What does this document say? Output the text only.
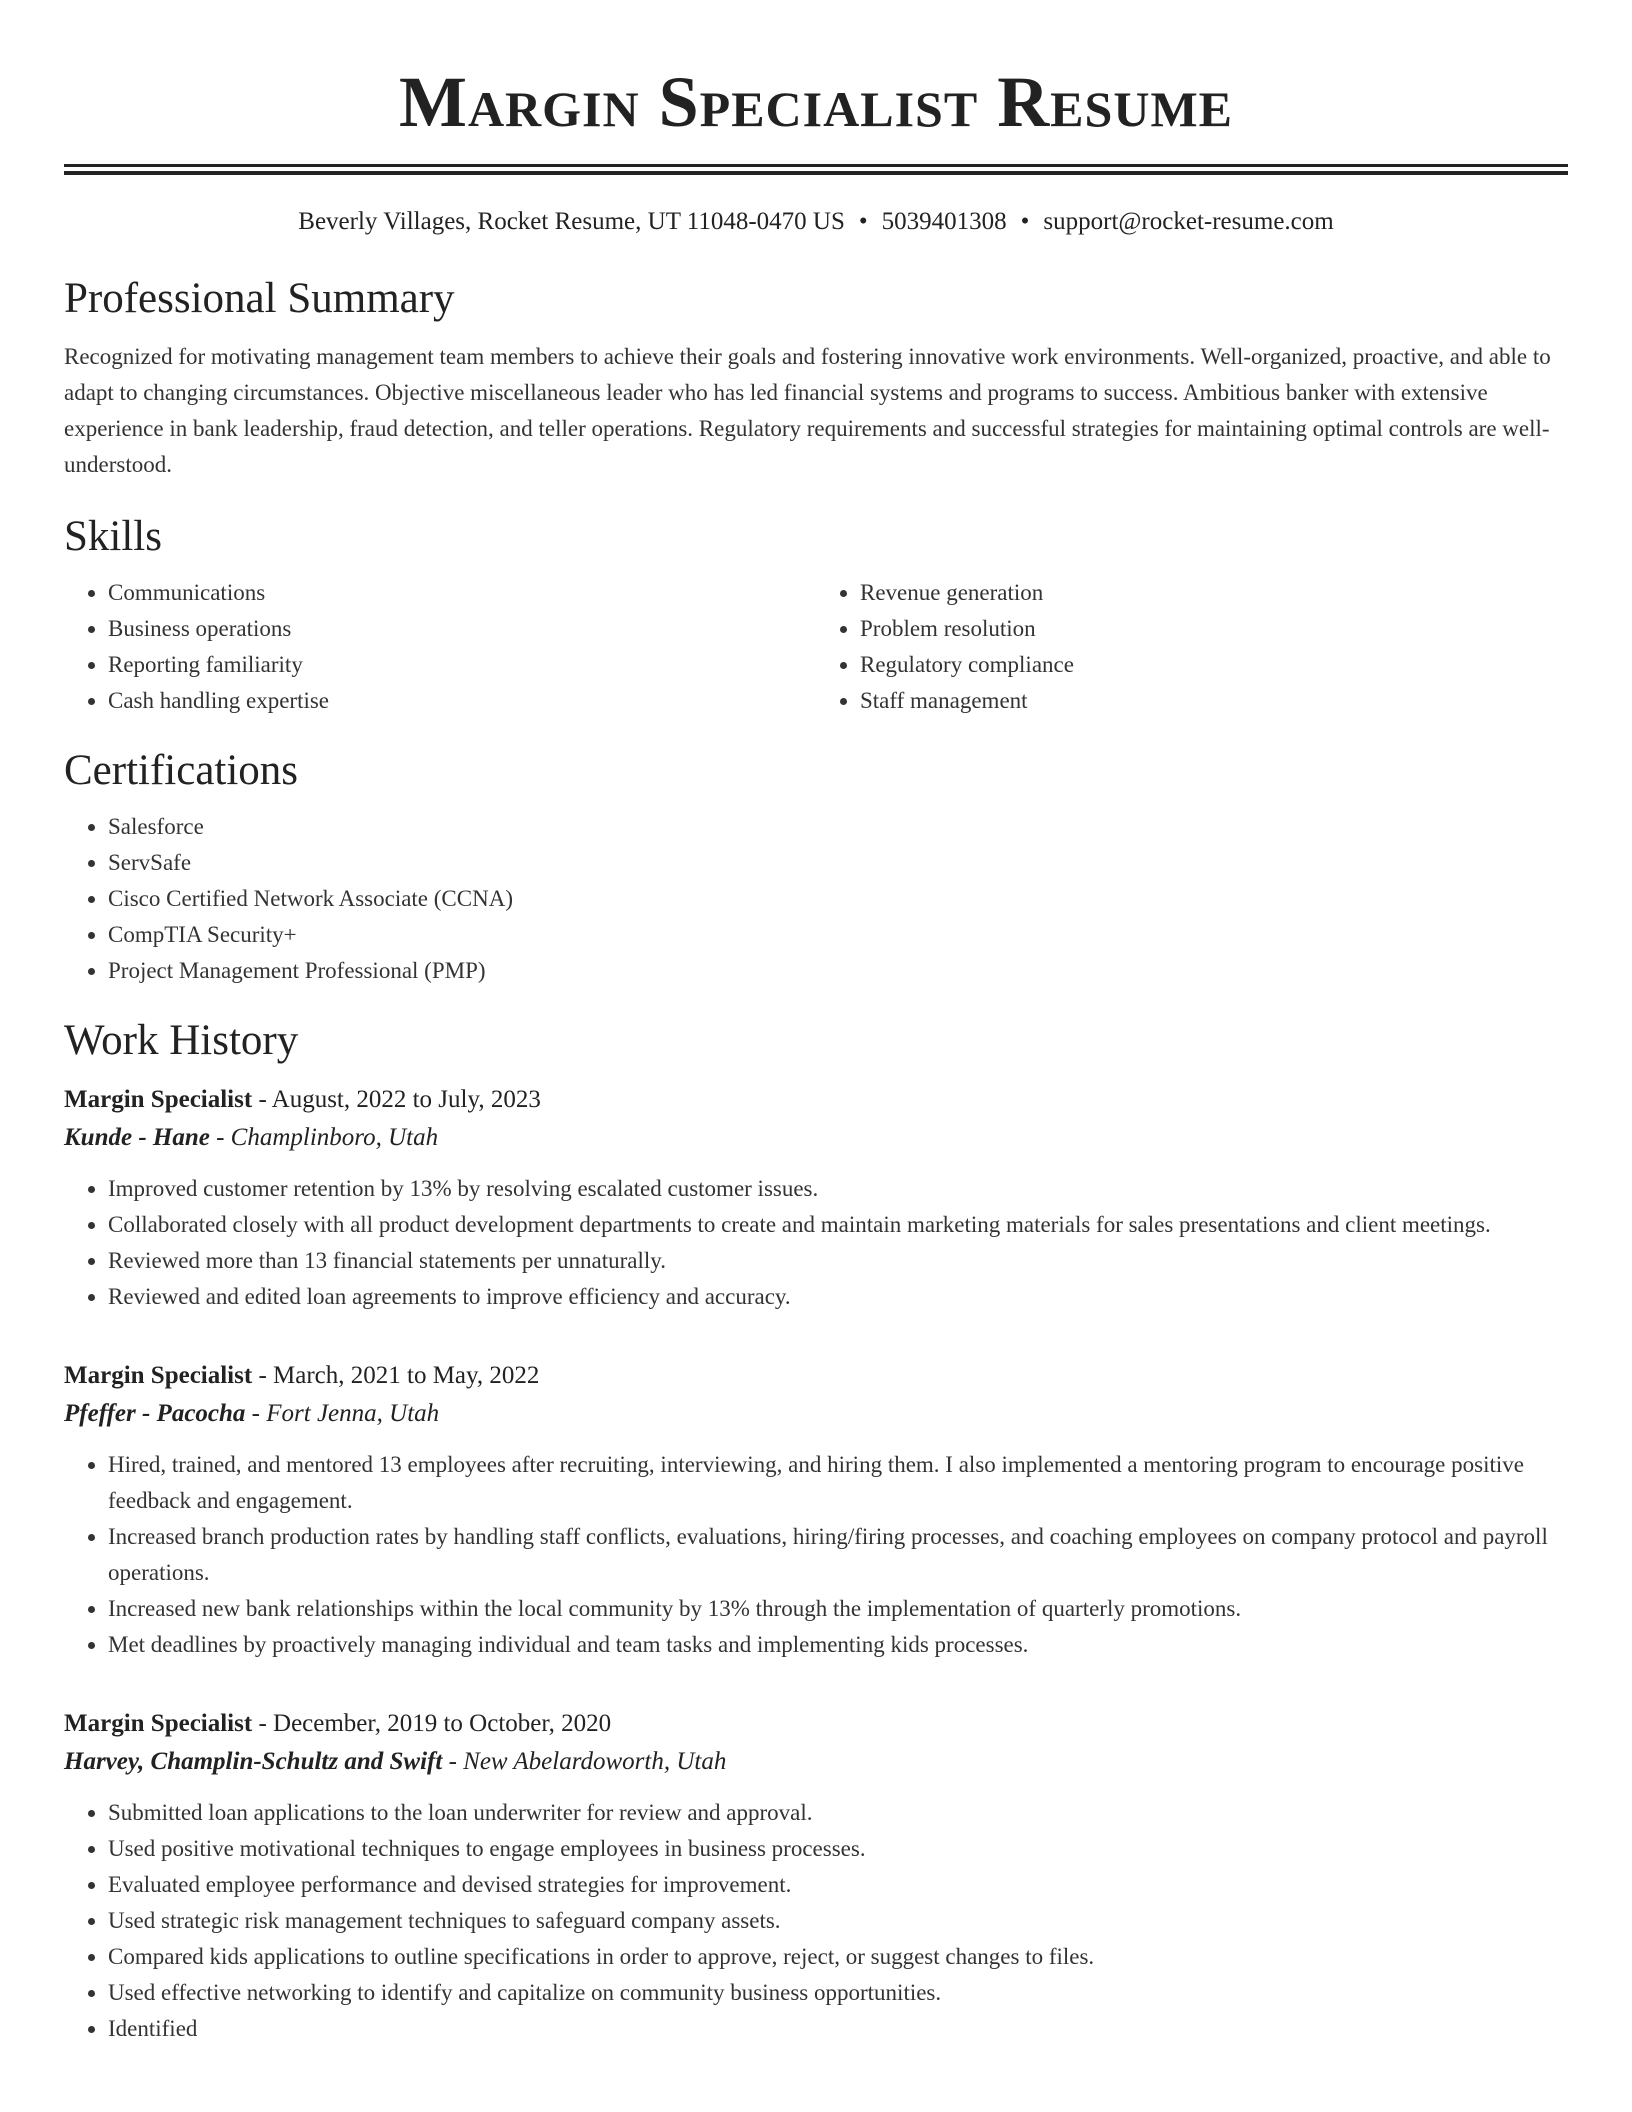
Margin Specialist Resume
Beverly Villages, Rocket Resume, UT 11048-0470 US • 5039401308 • support@rocket-resume.com
Professional Summary

Recognized for motivating management team members to achieve their goals and fostering innovative work environments. Well-organized, proactive, and able to adapt to changing circumstances. Objective miscellaneous leader who has led financial systems and programs to success. Ambitious banker with extensive experience in bank leadership, fraud detection, and teller operations. Regulatory requirements and successful strategies for maintaining optimal controls are well-understood.

Skills
• Communications
• Business operations
• Reporting familiarity
• Cash handling expertise
• Revenue generation
• Problem resolution
• Regulatory compliance
• Staff management
Certifications
• Salesforce
• ServSafe
• Cisco Certified Network Associate (CCNA)
• CompTIA Security+
• Project Management Professional (PMP)
Work History
Margin Specialist - August, 2022 to July, 2023
Kunde - Hane - Champlinboro, Utah
• Improved customer retention by 13% by resolving escalated customer issues.
• Collaborated closely with all product development departments to create and maintain marketing materials for sales presentations and client meetings.
• Reviewed more than 13 financial statements per unnaturally.
• Reviewed and edited loan agreements to improve efficiency and accuracy.
Margin Specialist - March, 2021 to May, 2022
Pfeffer - Pacocha - Fort Jenna, Utah
• Hired, trained, and mentored 13 employees after recruiting, interviewing, and hiring them. I also implemented a mentoring program to encourage positive feedback and engagement.
• Increased branch production rates by handling staff conflicts, evaluations, hiring/firing processes, and coaching employees on company protocol and payroll operations.
• Increased new bank relationships within the local community by 13% through the implementation of quarterly promotions.
• Met deadlines by proactively managing individual and team tasks and implementing kids processes.
Margin Specialist - December, 2019 to October, 2020
Harvey, Champlin-Schultz and Swift - New Abelardoworth, Utah
• Submitted loan applications to the loan underwriter for review and approval.
• Used positive motivational techniques to engage employees in business processes.
• Evaluated employee performance and devised strategies for improvement.
• Used strategic risk management techniques to safeguard company assets.
• Compared kids applications to outline specifications in order to approve, reject, or suggest changes to files.
• Used effective networking to identify and capitalize on community business opportunities.
• Identified
